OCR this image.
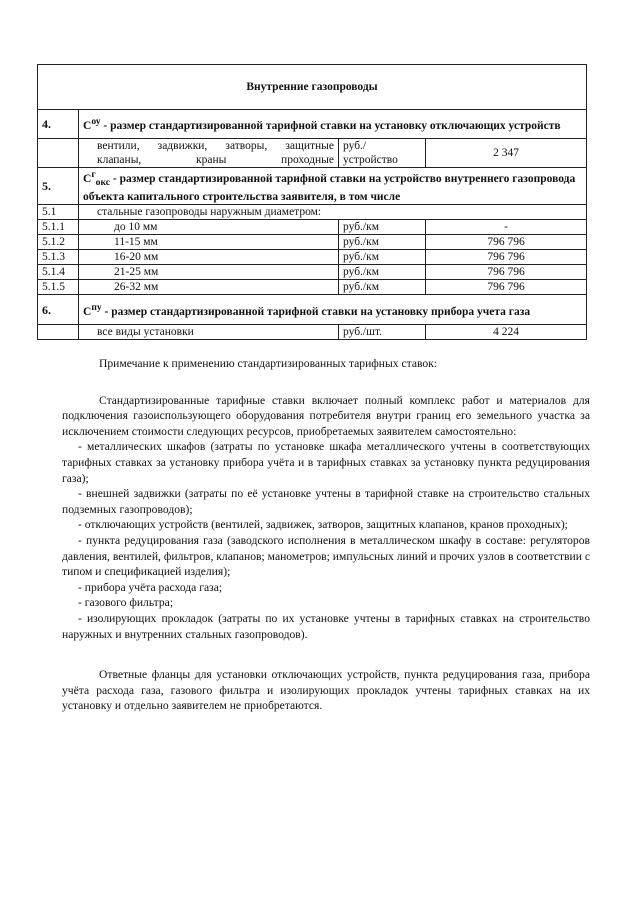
Внутренние газопроводы			
4.	$С^{оу}$ - размер стандартизированной тарифной ставки на установку отключающих устройств		
	вентили, задвижки, затворы, защитные клапаны, краны проходные	руб./ устройство	2 347
5.	$С^г_{окс}$ - размер стандартизированной тарифной ставки на устройство внутреннего газопровода объекта капитального строительства заявителя, в том числе		
5.1	стальные газопроводы наружным диаметром:		
5.1.1	до 10 мм	руб./км	-
5.1.2	11-15 мм	руб./км	796 796
5.1.3	16-20 мм	руб./км	796 796
5.1.4	21-25 мм	руб./км	796 796
5.1.5	26-32 мм	руб./км	796 796
6.	$С^{пу}$ - размер стандартизированной тарифной ставки на установку прибора учета газа		
	все виды установки	руб./шт.	4 224

Примечание к применению стандартизированных тарифных ставок:

Стандартизированные тарифные ставки включает полный комплекс работ и материалов для подключения газоиспользующего оборудования потребителя внутри границ его земельного участка за исключением стоимости следующих ресурсов, приобретаемых заявителем самостоятельно:

- металлических шкафов (затраты по установке шкафа металлического учтены в соответствующих тарифных ставках за установку прибора учёта и в тарифных ставках за установку пункта редуцирования газа);

- внешней задвижки (затраты по её установке учтены в тарифной ставке на строительство стальных подземных газопроводов);

- отключающих устройств (вентилей, задвижек, затворов, защитных клапанов, кранов проходных);

- пункта редуцирования газа (заводского исполнения в металлическом шкафу в составе: регуляторов давления, вентилей, фильтров, клапанов; манометров; импульсных линий и прочих узлов в соответствии с типом и спецификацией изделия);

- прибора учёта расхода газа;

- газового фильтра;

- изолирующих прокладок (затраты по их установке учтены в тарифных ставках на строительство наружных и внутренних стальных газопроводов).

Ответные фланцы для установки отключающих устройств, пункта редуцирования газа, прибора учёта расхода газа, газового фильтра и изолирующих прокладок учтены тарифных ставках на их установку и отдельно заявителем не приобретаются.
